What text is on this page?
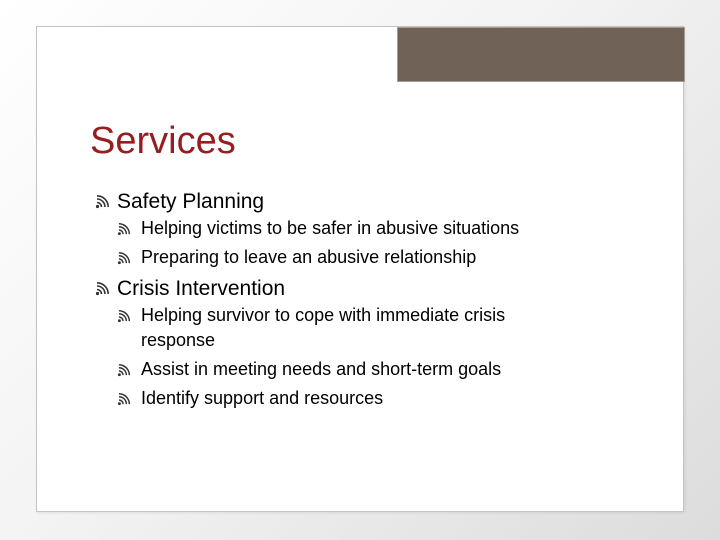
Services
Safety Planning
Helping victims to be safer in abusive situations
Preparing to leave an abusive relationship
Crisis Intervention
Helping survivor to cope with immediate crisis response
Assist in meeting needs and short-term goals
Identify support and resources
